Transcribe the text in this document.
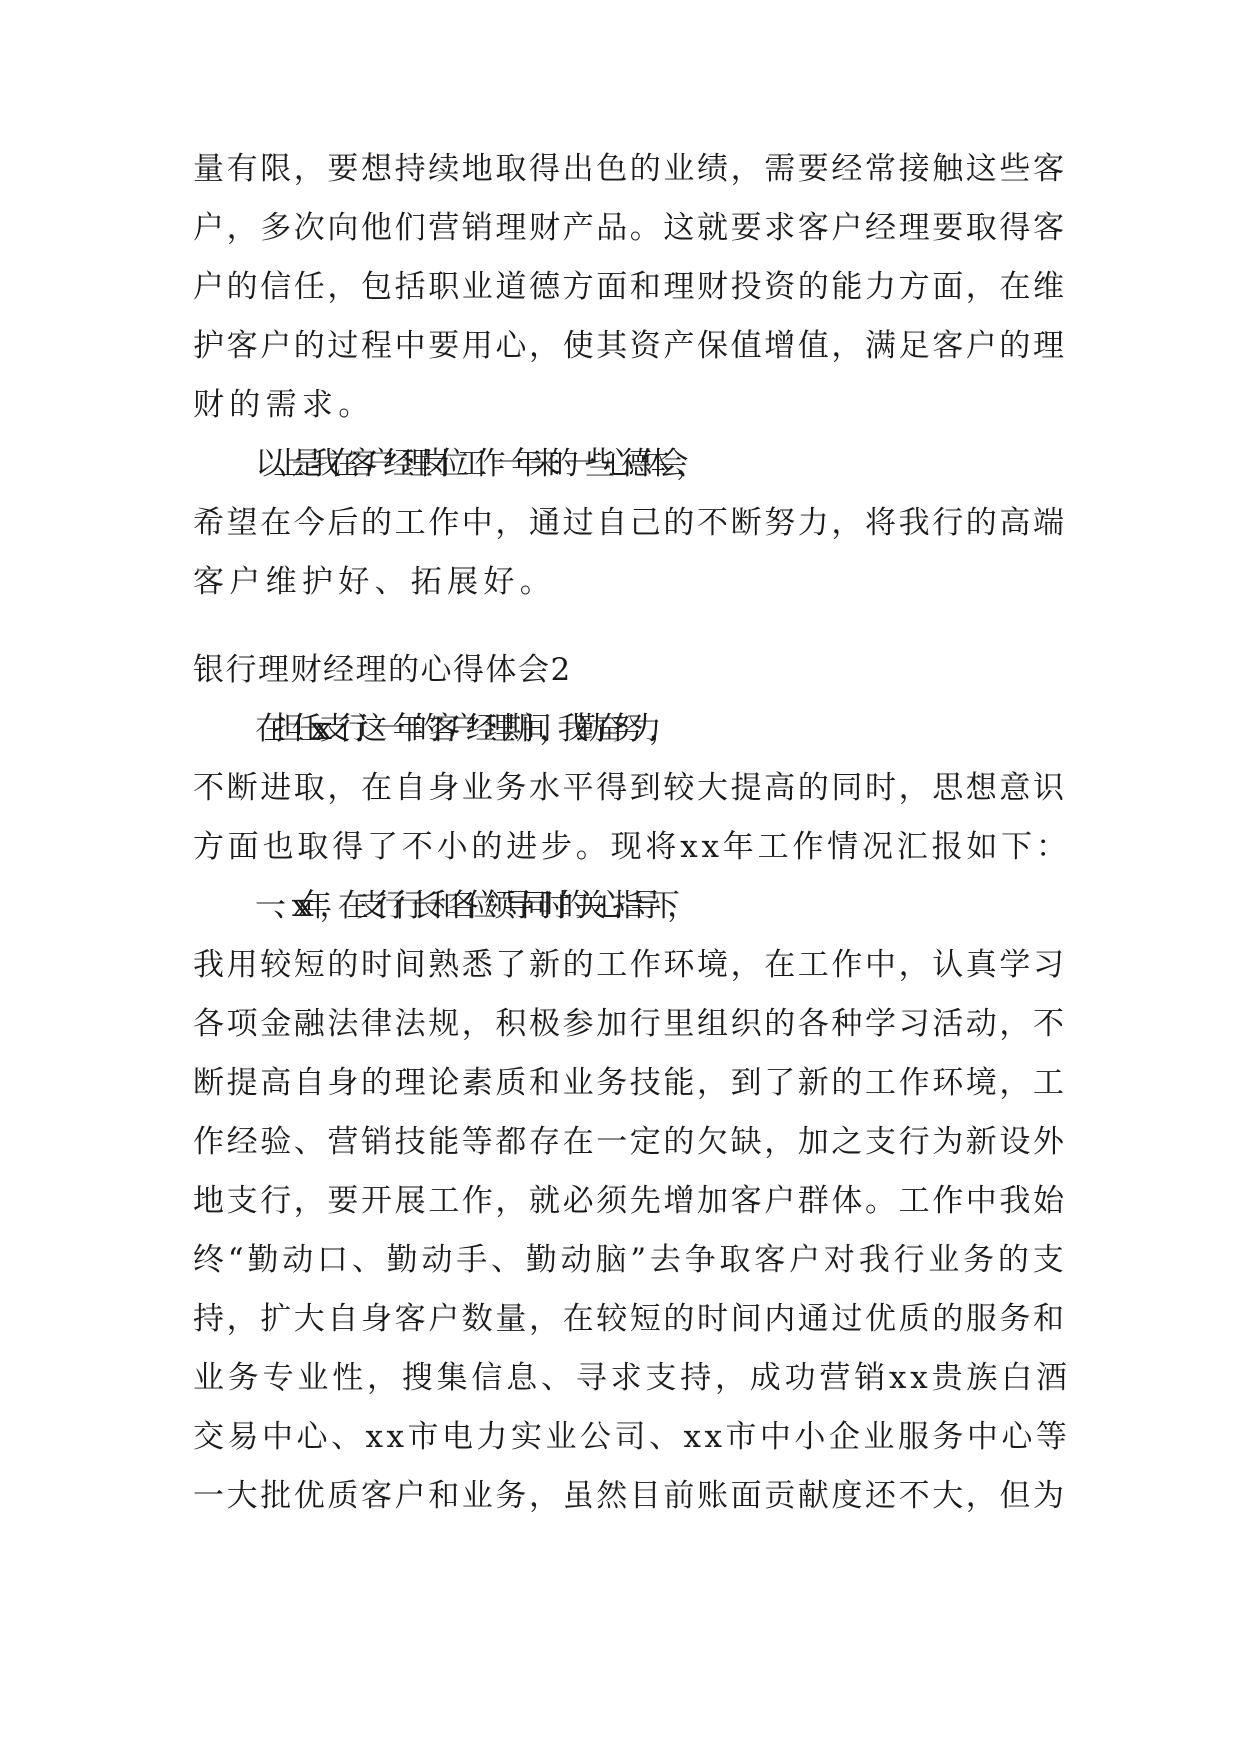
量有限，要想持续地取得出色的业绩，需要经常接触这些客
户，多次向他们营销理财产品。这就要求客户经理要取得客
户的信任，包括职业道德方面和理财投资的能力方面，在维
护客户的过程中要用心，使其资产保值增值，满足客户的理
财的需求。
以上是我在客户经理岗位工作一年来的一些心德体会，
希望在今后的工作中，通过自己的不断努力，将我行的高端
客户维护好、拓展好。
银行理财经理的心得体会2
在担任xx支行这一年的客户经理期间，我勤奋努力，
不断进取，在自身业务水平得到较大提高的同时，思想意识
方面也取得了不小的进步。现将xx年工作情况汇报如下：
一、xx年，在支行行长和各位领导同时的关心指导下，
我用较短的时间熟悉了新的工作环境，在工作中，认真学习
各项金融法律法规，积极参加行里组织的各种学习活动，不
断提高自身的理论素质和业务技能，到了新的工作环境，工
作经验、营销技能等都存在一定的欠缺，加之支行为新设外
地支行，要开展工作，就必须先增加客户群体。工作中我始
终“勤动口、勤动手、勤动脑”去争取客户对我行业务的支
持，扩大自身客户数量，在较短的时间内通过优质的服务和
业务专业性，搜集信息、寻求支持，成功营销xx贵族白酒
交易中心、xx市电力实业公司、xx市中小企业服务中心等
一大批优质客户和业务，虽然目前账面贡献度还不大，但为
